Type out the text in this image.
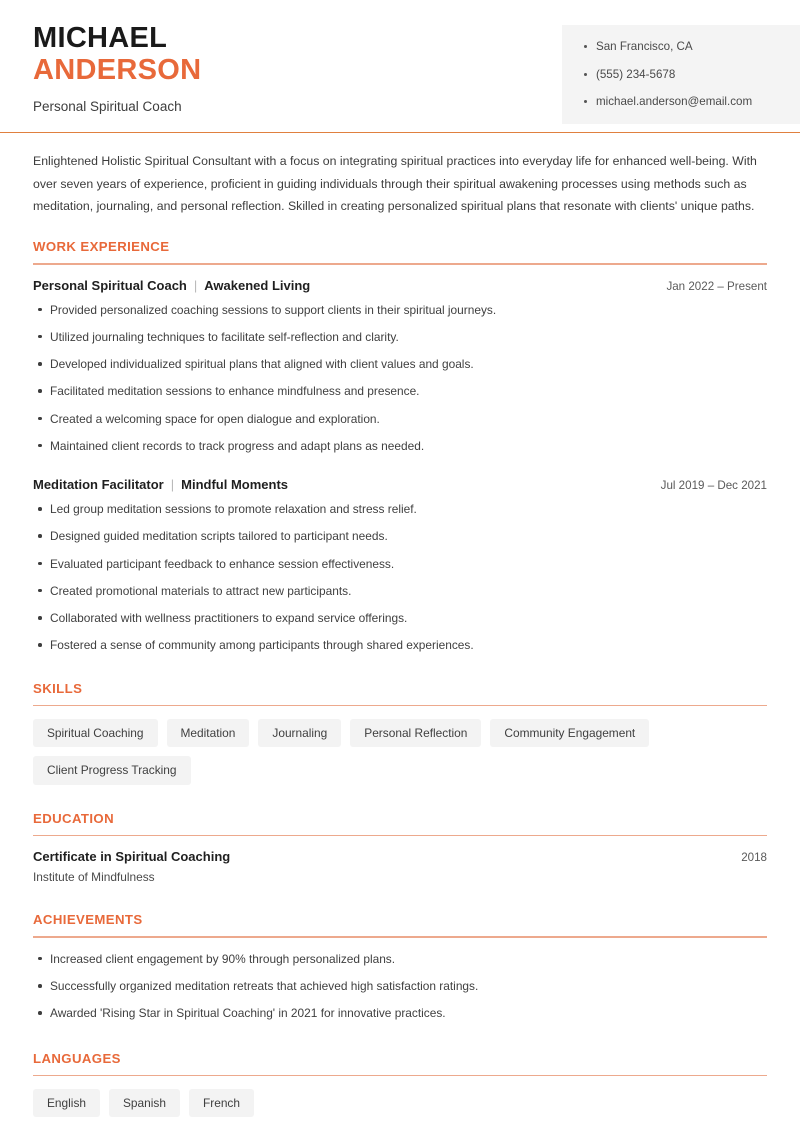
MICHAEL
ANDERSON
Personal Spiritual Coach
San Francisco, CA
(555) 234-5678
michael.anderson@email.com

Enlightened Holistic Spiritual Consultant with a focus on integrating spiritual practices into everyday life for enhanced well-being. With over seven years of experience, proficient in guiding individuals through their spiritual awakening processes using methods such as meditation, journaling, and personal reflection. Skilled in creating personalized spiritual plans that resonate with clients' unique paths.

WORK EXPERIENCE
Personal Spiritual Coach | Awakened Living	Jan 2022 – Present
Provided personalized coaching sessions to support clients in their spiritual journeys.
Utilized journaling techniques to facilitate self-reflection and clarity.
Developed individualized spiritual plans that aligned with client values and goals.
Facilitated meditation sessions to enhance mindfulness and presence.
Created a welcoming space for open dialogue and exploration.
Maintained client records to track progress and adapt plans as needed.
Meditation Facilitator | Mindful Moments	Jul 2019 – Dec 2021
Led group meditation sessions to promote relaxation and stress relief.
Designed guided meditation scripts tailored to participant needs.
Evaluated participant feedback to enhance session effectiveness.
Created promotional materials to attract new participants.
Collaborated with wellness practitioners to expand service offerings.
Fostered a sense of community among participants through shared experiences.
SKILLS
Spiritual Coaching	Meditation	Journaling	Personal Reflection	Community Engagement
Client Progress Tracking
EDUCATION
Certificate in Spiritual Coaching	2018
Institute of Mindfulness
ACHIEVEMENTS
Increased client engagement by 90% through personalized plans.
Successfully organized meditation retreats that achieved high satisfaction ratings.
Awarded 'Rising Star in Spiritual Coaching' in 2021 for innovative practices.
LANGUAGES
English	Spanish	French
